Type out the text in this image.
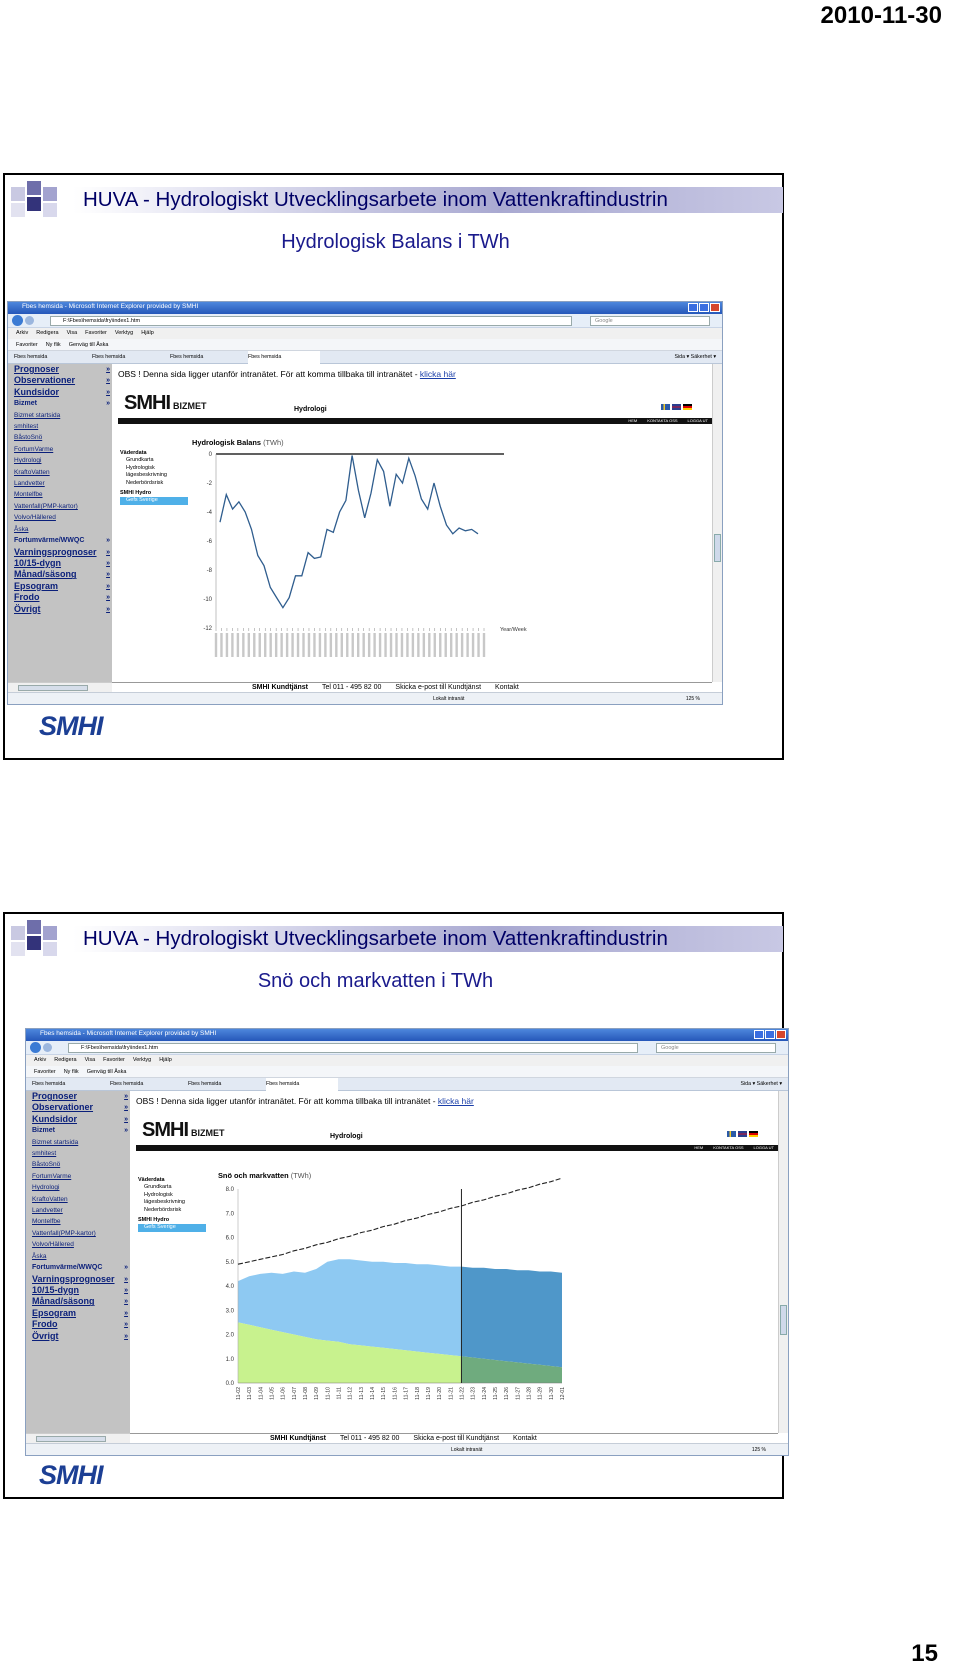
2010-11-30
HUVA - Hydrologiskt Utvecklingsarbete inom Vattenkraftindustrin
Hydrologisk Balans i TWh
Fbes hemsida - Microsoft Internet Explorer provided by SMHI
F:\Fbes\hemsida\fry\index1.htm	Google
Arkiv Redigera Visa Favoriter Verktyg Hjälp
Favoriter Ny flik Genväg till Åska
Fbes hemsida	Fbes hemsida	Fbes hemsida	Fbes hemsida	Sida ▾ Säkerhet ▾
Prognoser	»
Observationer	»
Kundsidor	»
Bizmet	»
Bizmet startsida
smhitest
BåstoSnö
FortumVarme
Hydrologi
KraftoVatten
Landvetter
Montelfbe
Vattenfall(PMP-kartor)
Volvo/Hällered
Åska
Fortumvärme/WWQC	»
Varningsprognoser »
10/15-dygn	»
Månad/säsong	»
Epsogram	»
Frodo	»
Övrigt	»
OBS ! Denna sida ligger utanför intranätet. För att komma tillbaka till intranätet - klicka här
SMHI BIZMET	Hydrologi
HEM	KONTAKTA OSS	LOGGA UT
Väderdata
Grundkarta
Hydrologisk
lägesbeskrivning
Nederbördsrisk
SMHI Hydro
Gefs Sverige
Hydrologisk Balans (TWh)
0
-2
-4
-6
-8
-10
-12	Year/Week
SMHI Kundtjänst Tel 011 - 495 82 00 Skicka e-post till Kundtjänst Kontakt
Lokalt intranät	125 %
SMHI
HUVA - Hydrologiskt Utvecklingsarbete inom Vattenkraftindustrin
Snö och markvatten i TWh
Fbes hemsida - Microsoft Internet Explorer provided by SMHI
F:\Fbes\hemsida\fry\index1.htm	Google
Arkiv Redigera Visa Favoriter Verktyg Hjälp
Favoriter Ny flik Genväg till Åska
Fbes hemsida	Fbes hemsida	Fbes hemsida	Fbes hemsida	Sida ▾ Säkerhet ▾
Prognoser	»
Observationer	»
Kundsidor	»
Bizmet	»
Bizmet startsida
smhitest
BåstoSnö
FortumVarme
Hydrologi
KraftoVatten
Landvetter
Montelfbe
Vattenfall(PMP-kartor)
Volvo/Hällered
Åska
Fortumvärme/WWQC	»
Varningsprognoser »
10/15-dygn	»
Månad/säsong	»
Epsogram	»
Frodo	»
Övrigt	»
OBS ! Denna sida ligger utanför intranätet. För att komma tillbaka till intranätet - klicka här
SMHI BIZMET	Hydrologi
HEM	KONTAKTA OSS	LOGGA UT
Väderdata
Grundkarta
Hydrologisk
lägesbeskrivning
Nederbördsrisk
SMHI Hydro
Gefs Sverige
Snö och markvatten (TWh)
0.0
1.0
2.0
3.0
4.0
5.0
6.0
7.0
8.0
11-02 11-03 11-04 11-05 11-06 11-07 11-08 11-09 11-10 11-11 11-12 11-13 11-14 11-15 11-16 11-17 11-18 11-19 11-20 11-21 11-22 11-23 11-24 11-25 11-26 11-27 11-28 11-29 11-30 12-01
SMHI Kundtjänst Tel 011 - 495 82 00 Skicka e-post till Kundtjänst Kontakt
Lokalt intranät	125 %
SMHI
15
